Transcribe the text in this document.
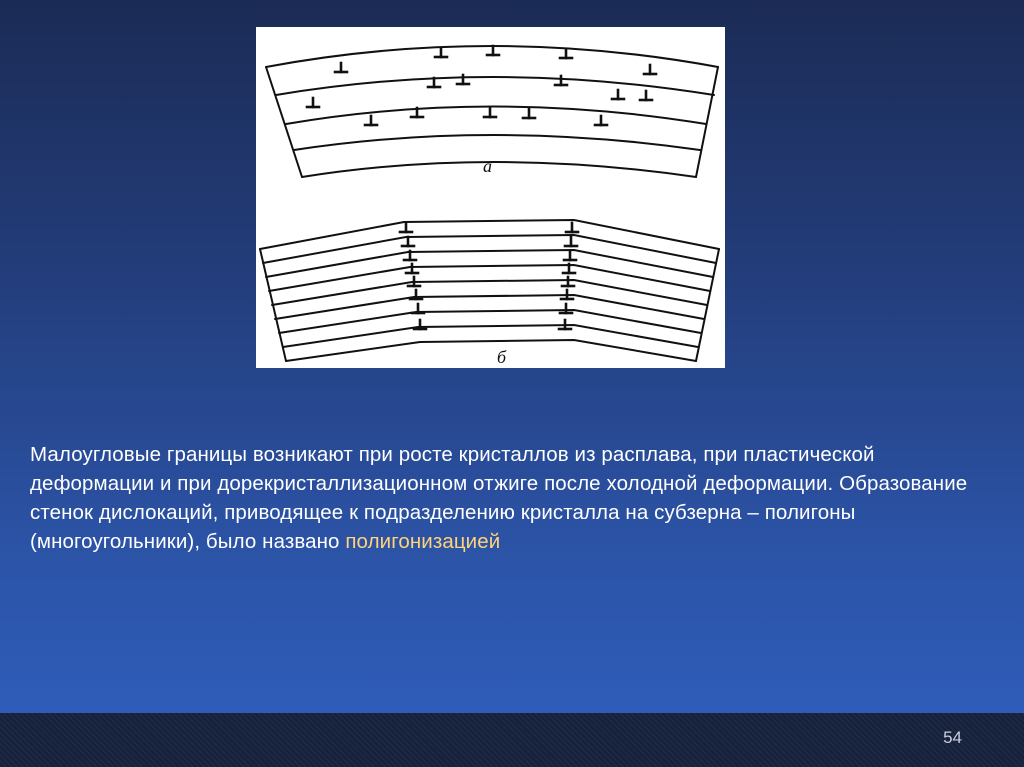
а
б

Малоугловые границы возникают при росте кристаллов из расплава, при пластической деформации и при дорекристаллизационном отжиге после холодной деформации. Образование стенок дислокаций, приводящее к подразделению кристалла на субзерна – полигоны (многоугольники), было названо полигонизацией

54
